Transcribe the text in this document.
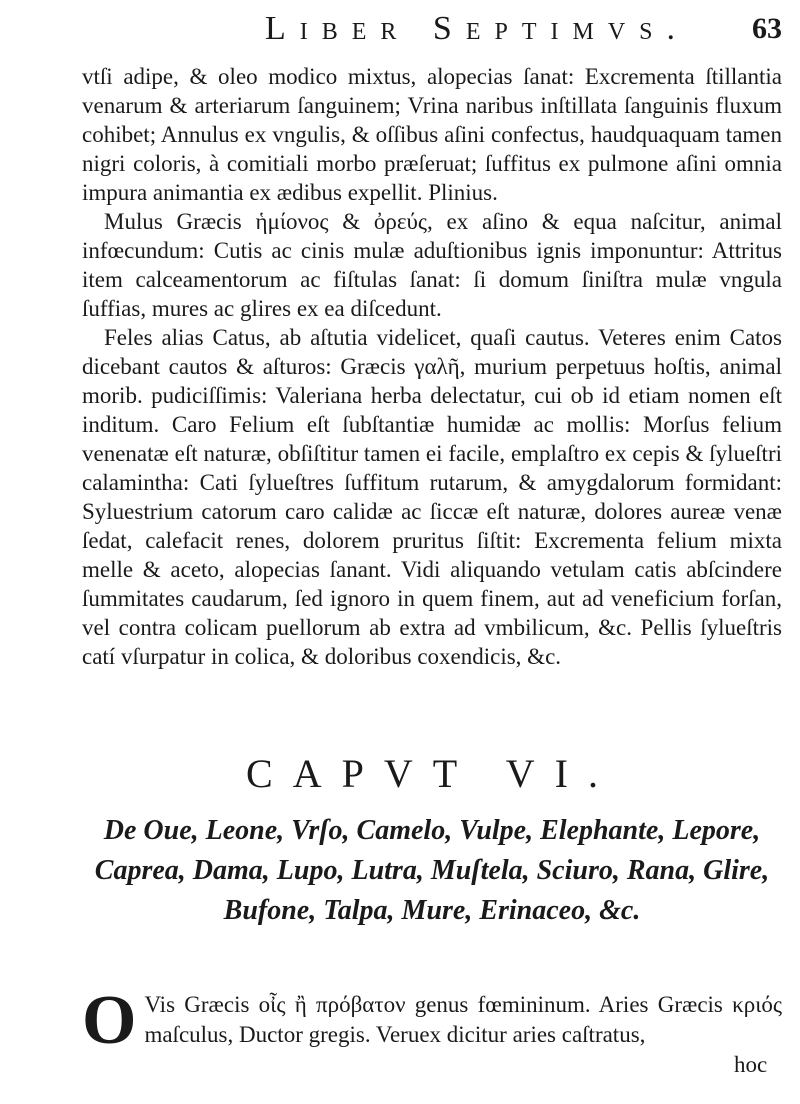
Liber Septimvs. 63

vtſi adipe, & oleo modico mixtus, alopecias ſanat: Excrementa ſtillantia venarum & arteriarum ſanguinem; Vrina naribus inſtillata ſanguinis fluxum cohibet; Annulus ex vngulis, & oſſibus aſini confectus, haudquaquam tamen nigri coloris, à comitiali morbo præſeruat; ſuffitus ex pulmone aſini omnia impura animantia ex ædibus expellit. Plinius.

Mulus Græcis ἡμίονος & ὀρεύς, ex aſino & equa naſcitur, animal infœcundum: Cutis ac cinis mulæ aduſtionibus ignis imponuntur: Attritus item calceamentorum ac fiſtulas ſanat: ſi domum ſiniſtra mulæ vngula ſuffias, mures ac glires ex ea diſcedunt.

Feles alias Catus, ab aſtutia videlicet, quaſi cautus. Veteres enim Catos dicebant cautos & aſturos: Græcis γαλῆ, murium perpetuus hoſtis, animal morib. pudiciſſimis: Valeriana herba delectatur, cui ob id etiam nomen eſt inditum. Caro Felium eſt ſubſtantiæ humidæ ac mollis: Morſus felium venenatæ eſt naturæ, obſiſtitur tamen ei facile, emplaſtro ex cepis & ſylueſtri calamintha: Cati ſylueſtres ſuffitum rutarum, & amygdalorum formidant: Syluestrium catorum caro calidæ ac ſiccæ eſt naturæ, dolores aureæ venæ ſedat, calefacit renes, dolorem pruritus ſiſtit: Excrementa felium mixta melle & aceto, alopecias ſanant. Vidi aliquando vetulam catis abſcindere ſummitates caudarum, ſed ignoro in quem finem, aut ad veneficium forſan, vel contra colicam puellorum ab extra ad vmbilicum, &c. Pellis ſylueſtris catí vſurpatur in colica, & doloribus coxendicis, &c.

CAPVT VI.
De Oue, Leone, Vrſo, Camelo, Vulpe, Elephante, Lepore, Caprea, Dama, Lupo, Lutra, Muſtela, Sciuro, Rana, Glire, Bufone, Talpa, Mure, Erinaceo, &c.
O Vis Græcis οἶς ἢ πρόβατον genus fœmininum. Aries Græcis κριός maſculus, Ductor gregis. Veruex dicitur aries caſtratus,
hoc
